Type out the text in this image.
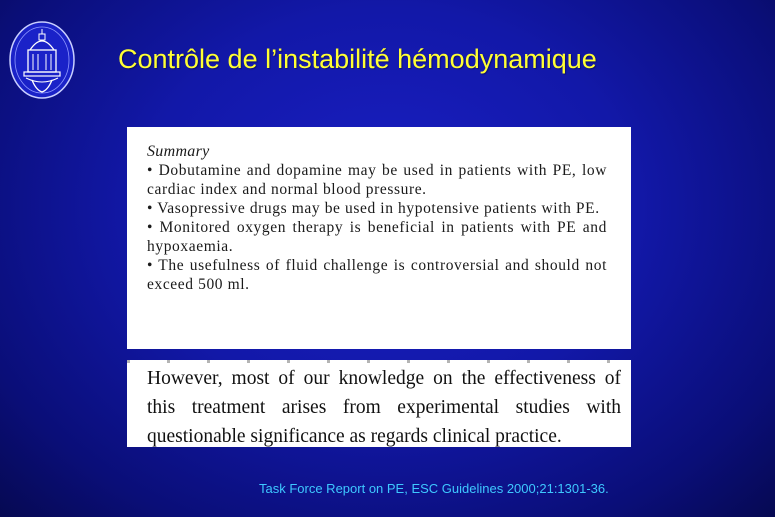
Contrôle de l’instabilité hémodynamique

Summary

• Dobutamine and dopamine may be used in patients with PE, low cardiac index and normal blood pressure.

• Vasopressive drugs may be used in hypotensive patients with PE.

• Monitored oxygen therapy is beneficial in patients with PE and hypoxaemia.

• The usefulness of fluid challenge is controversial and should not exceed 500 ml.

However, most of our knowledge on the effectiveness of this treatment arises from experimental studies with questionable significance as regards clinical practice.

Task Force Report on PE, ESC Guidelines 2000;21:1301-36.
